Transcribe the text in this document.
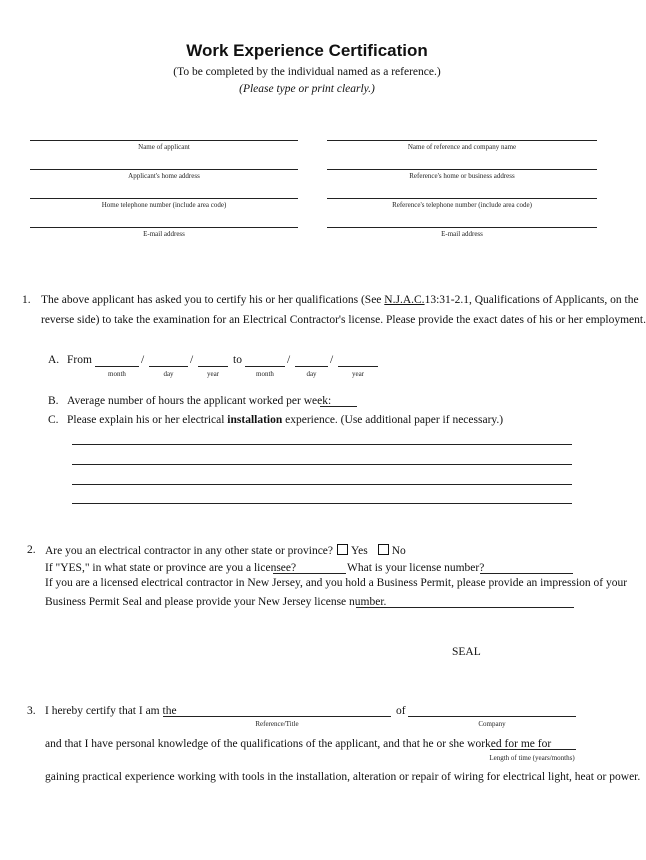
Work Experience Certification
(To be completed by the individual named as a reference.)
(Please type or print clearly.)
Name of applicant	Name of reference and company name
Applicant's home address	Reference's home or business address
Home telephone number (include area code)	Reference's telephone number (include area code)
E-mail address	E-mail address
1. The above applicant has asked you to certify his or her qualifications (See N.J.A.C.13:31-2.1, Qualifications of Applicants, on the
reverse side) to take the examination for an Electrical Contractor's license. Please provide the exact dates of his or her employment.
A. From	/	/	to	/	/
month	day	year	month	day	year
B. Average number of hours the applicant worked per week:
C. Please explain his or her electrical installation experience. (Use additional paper if necessary.)
2. Are you an electrical contractor in any other state or province? Yes No
If "YES," in what state or province are you a licensee?	What is your license number?
If you are a licensed electrical contractor in New Jersey, and you hold a Business Permit, please provide an impression of your
Business Permit Seal and please provide your New Jersey license number.
SEAL
3. I hereby certify that I am the	of
Reference/Title	Company
and that I have personal knowledge of the qualifications of the applicant, and that he or she worked for me for
Length of time (years/months)
gaining practical experience working with tools in the installation, alteration or repair of wiring for electrical light, heat or power.
